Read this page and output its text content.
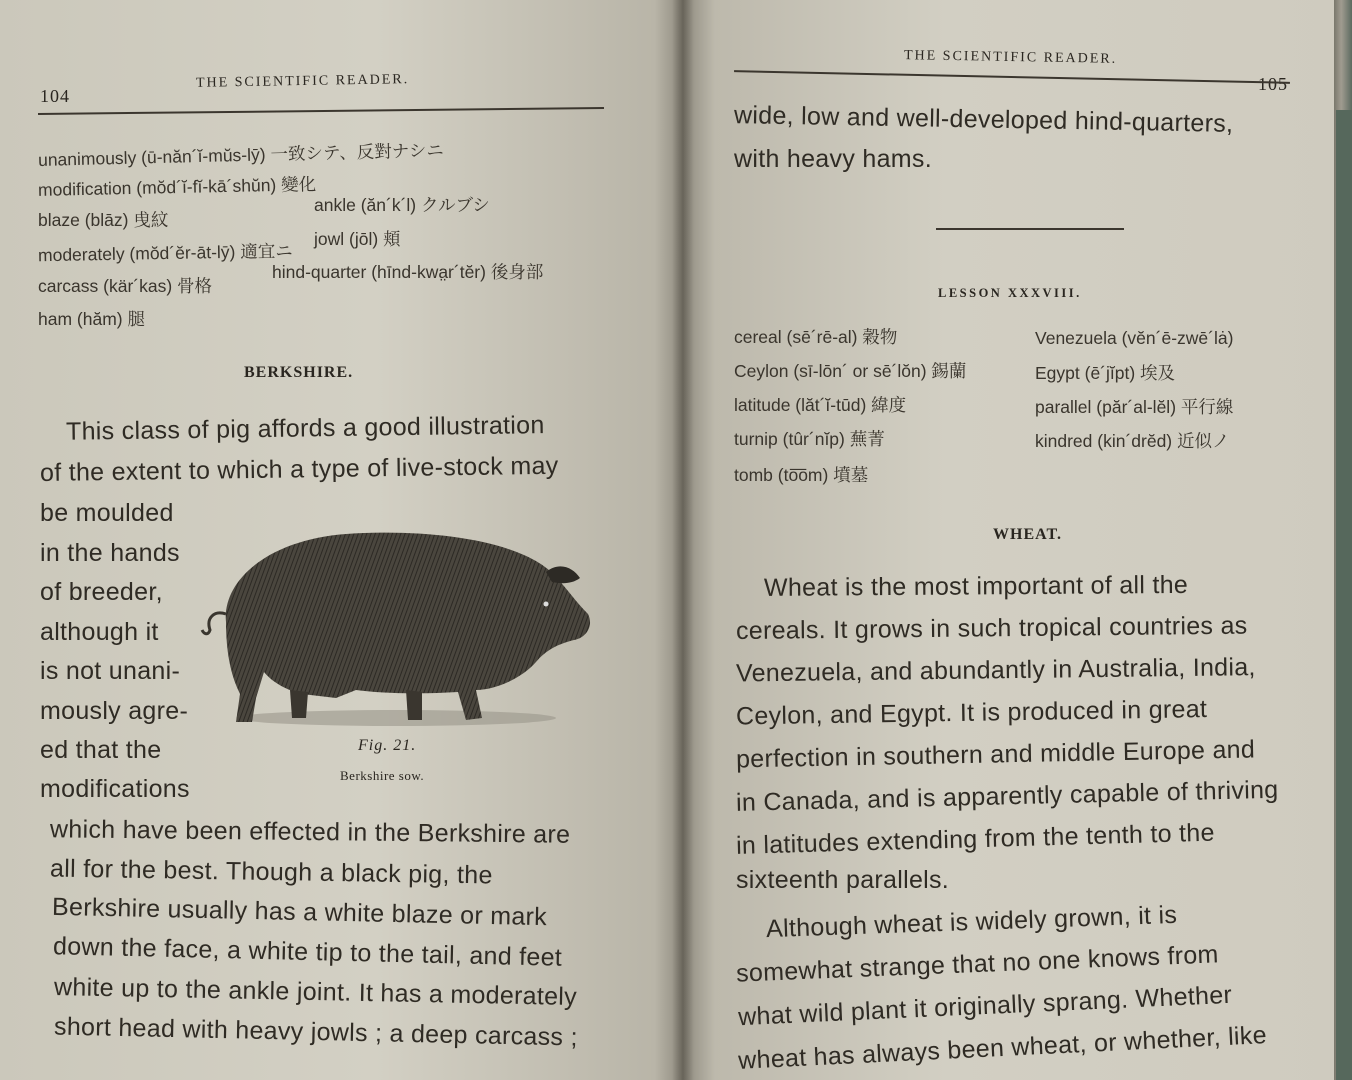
104
THE SCIENTIFIC READER.
unanimously (ū-năn´ĭ-mŭs-lȳ) 一致シテ、反對ナシニ
modification (mŏd´ĭ-fĭ-kā´shŭn) 變化
blaze (blāz) 曵紋
moderately (mŏd´ĕr-āt-lȳ) 適宜ニ
carcass (kär´kas) 骨格
ham (hăm) 腿
ankle (ăn´k´l) クルブシ
jowl (jōl) 頬
hind-quarter (hīnd-kwa̤r´tĕr) 後身部
BERKSHIRE.
This class of pig affords a good illustration
of the extent to which a type of live-stock may
be moulded
in the hands
of breeder,
although it
is not unani-
mously agre-
ed that the
modifications
which have been effected in the Berkshire are
all for the best. Though a black pig, the
Berkshire usually has a white blaze or mark
down the face, a white tip to the tail, and feet
white up to the ankle joint. It has a moderately
short head with heavy jowls ; a deep carcass ;
Fig. 21.
Berkshire sow.
THE SCIENTIFIC READER.
105
wide, low and well-developed hind-quarters,
with heavy hams.
LESSON XXXVIII.
cereal (sē´rē-al) 穀物
Ceylon (sī-lōn´ or sē´lŏn) 錫蘭
latitude (lăt´ĭ-tūd) 緯度
turnip (tûr´nĭp) 蕪菁
tomb (to͞om) 墳墓
Venezuela (vĕn´ē-zwē´lȧ)
Egypt (ē´jĭpt) 埃及
parallel (păr´al-lĕl) 平行線
kindred (kin´drĕd) 近似ノ
WHEAT.
Wheat is the most important of all the
cereals. It grows in such tropical countries as
Venezuela, and abundantly in Australia, India,
Ceylon, and Egypt. It is produced in great
perfection in southern and middle Europe and
in Canada, and is apparently capable of thriving
in latitudes extending from the tenth to the
sixteenth parallels.
Although wheat is widely grown, it is
somewhat strange that no one knows from
what wild plant it originally sprang. Whether
wheat has always been wheat, or whether, like
